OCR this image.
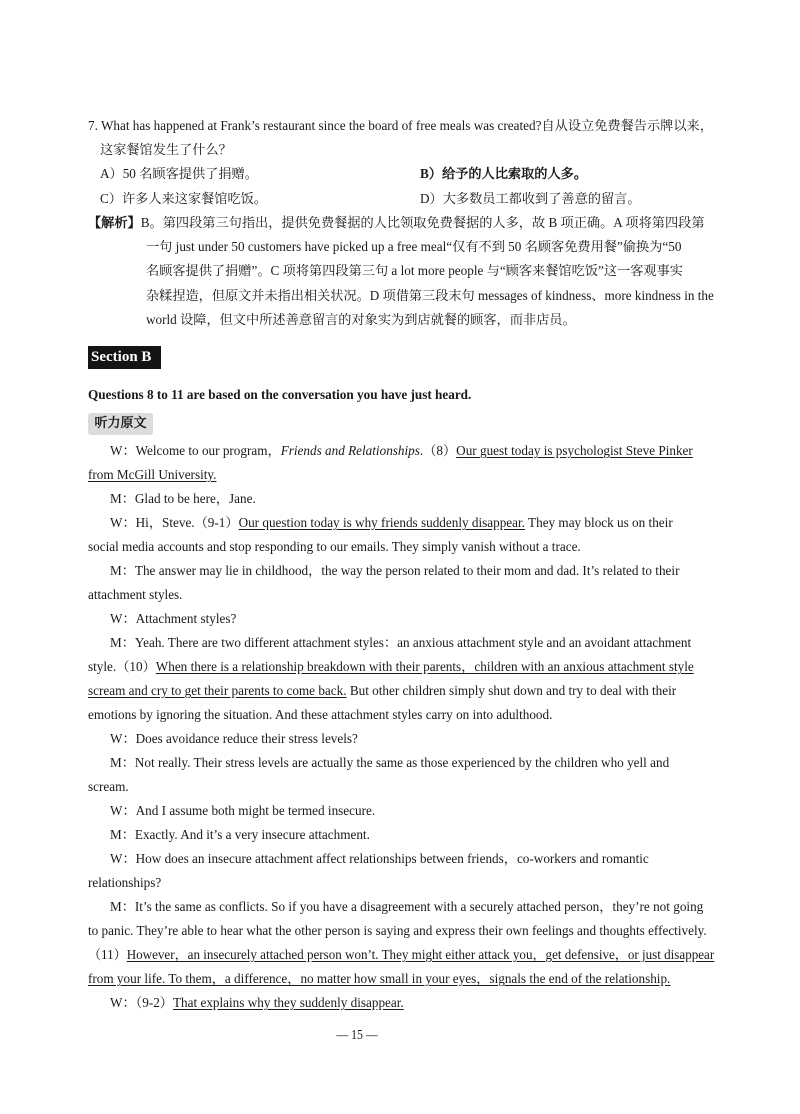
7. What has happened at Frank’s restaurant since the board of free meals was created?自从设立免费餐告示牌以来，
这家餐馆发生了什么？
A）50 名顾客提供了捐赠。	B）给予的人比索取的人多。
C）许多人来这家餐馆吃饭。	D）大多数员工都收到了善意的留言。
【解析】B。第四段第三句指出，提供免费餐据的人比领取免费餐据的人多，故 B 项正确。A 项将第四段第
一句 just under 50 customers have picked up a free meal“仅有不到 50 名顾客免费用餐”偷换为“50
名顾客提供了捐赠”。C 项将第四段第三句 a lot more people 与“顾客来餐馆吃饭”这一客观事实
杂糅捏造，但原文并未指出相关状况。D 项借第三段末句 messages of kindness、more kindness in the
world 设障，但文中所述善意留言的对象实为到店就餐的顾客，而非店员。
Section B
Questions 8 to 11 are based on the conversation you have just heard.
听力原文
W：Welcome to our program，Friends and Relationships.（8）Our guest today is psychologist Steve Pinker
from McGill University.
M：Glad to be here，Jane.
W：Hi，Steve.（9-1）Our question today is why friends suddenly disappear. They may block us on their
social media accounts and stop responding to our emails. They simply vanish without a trace.
M：The answer may lie in childhood，the way the person related to their mom and dad. It’s related to their
attachment styles.
W：Attachment styles?
M：Yeah. There are two different attachment styles：an anxious attachment style and an avoidant attachment
style.（10）When there is a relationship breakdown with their parents，children with an anxious attachment style
scream and cry to get their parents to come back. But other children simply shut down and try to deal with their
emotions by ignoring the situation. And these attachment styles carry on into adulthood.
W：Does avoidance reduce their stress levels?
M：Not really. Their stress levels are actually the same as those experienced by the children who yell and
scream.
W：And I assume both might be termed insecure.
M：Exactly. And it’s a very insecure attachment.
W：How does an insecure attachment affect relationships between friends，co-workers and romantic
relationships?
M：It’s the same as conflicts. So if you have a disagreement with a securely attached person，they’re not going
to panic. They’re able to hear what the other person is saying and express their own feelings and thoughts effectively.
（11）However，an insecurely attached person won’t. They might either attack you，get defensive，or just disappear
from your life. To them，a difference，no matter how small in your eyes，signals the end of the relationship.
W：（9-2）That explains why they suddenly disappear.
— 15 —
